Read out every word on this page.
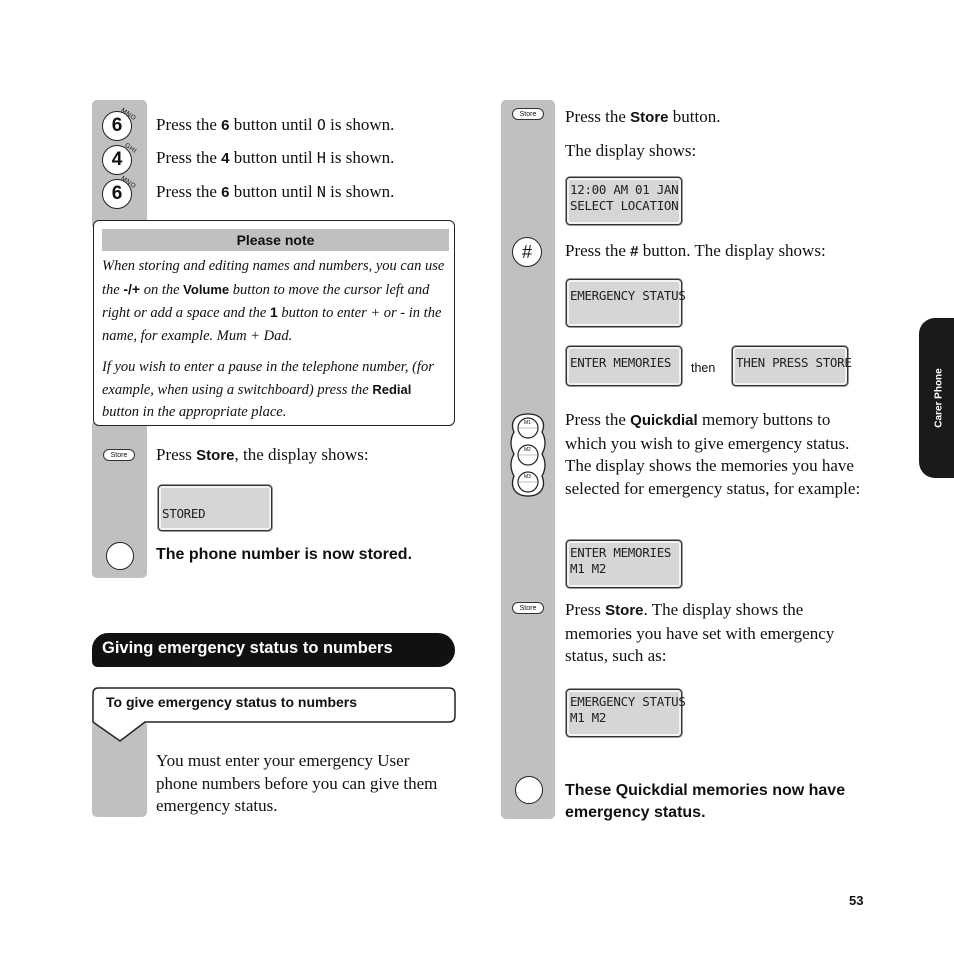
6
MNO
Press the 6 button until O is shown.
4
GHI Press the 4 button until H is shown.
6
MNO Press the 6 button until N is shown.
Please note
When storing and editing names and numbers, you can use the -/+ on the Volume button to move the cursor left and right or add a space and the 1 button to enter + or - in the name, for example. Mum + Dad.
If you wish to enter a pause in the telephone number, (for example, when using a switchboard) press the Redial button in the appropriate place.
Store	Press Store, the display shows:
STORED
The phone number is now stored.
Giving emergency status to numbers
To give emergency status to numbers
You must enter your emergency User phone numbers before you can give them emergency status.
Store	Press the Store button.
The display shows:
12:00 AM 01 JAN
SELECT LOCATION
#	Press the # button. The display shows:
EMERGENCY STATUS
ENTER MEMORIES	then	THEN PRESS STORE
M1
M2
M3
Press the Quickdial memory buttons to which you wish to give emergency status. The display shows the memories you have selected for emergency status, for example:
ENTER MEMORIES
M1 M2
Store	Press Store. The display shows the memories you have set with emergency status, such as:
EMERGENCY STATUS
M1 M2
These Quickdial memories now have emergency status.
Carer Phone
53
